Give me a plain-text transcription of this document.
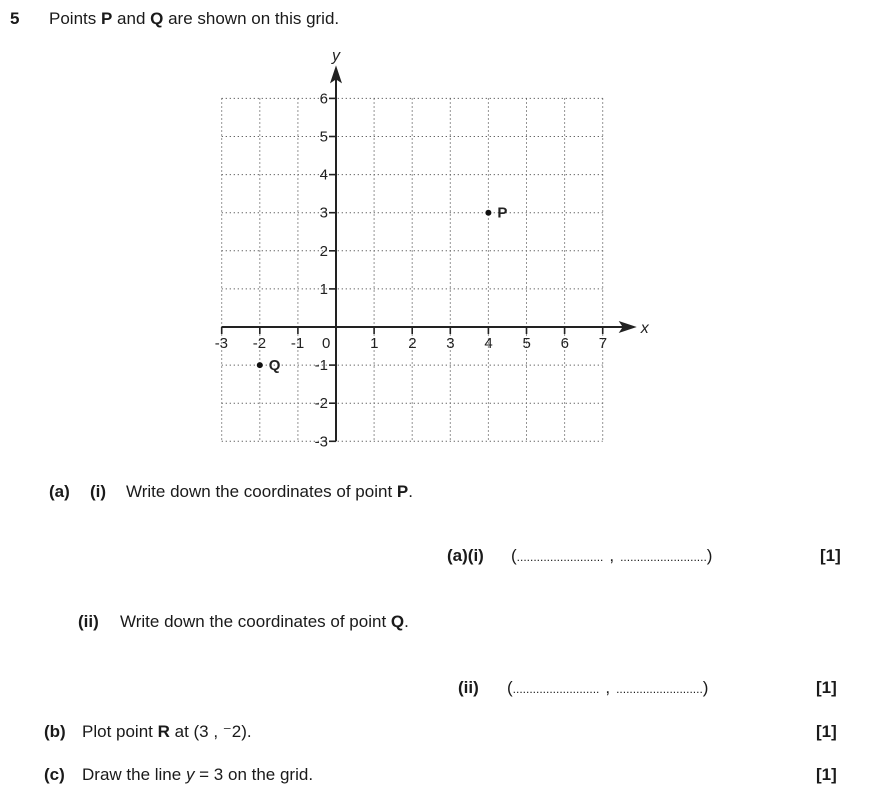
5 Points P and Q are shown on this grid.
x
y
-3 -2 -1 0	1 2 3 4 5 6 7
6
5
4
3
2
1
-1
-2
-3
P
Q
(a) (i) Write down the coordinates of point P.
(a)(i) (.......................... , ..........................)	[1]
(ii) Write down the coordinates of point Q.
(ii) (.......................... , ..........................)	[1]
(b) Plot point R at (3 , ⁻2).	[1]
(c) Draw the line y = 3 on the grid.	[1]
